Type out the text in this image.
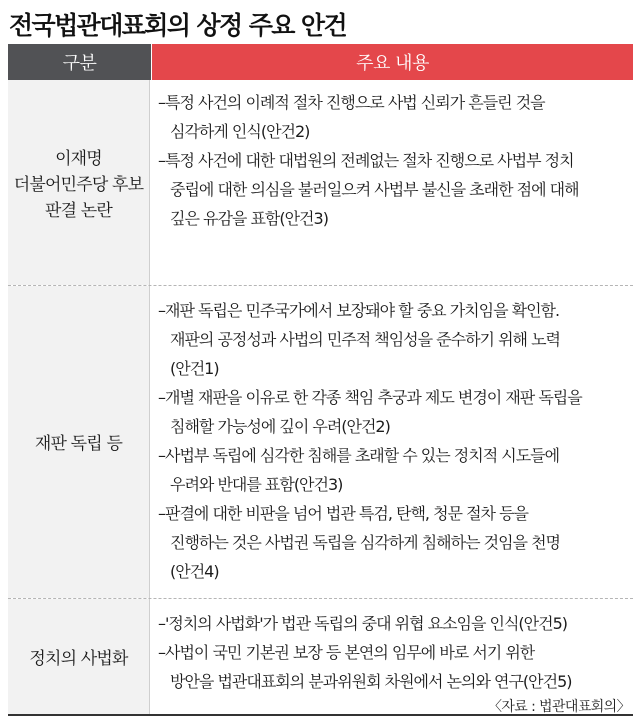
전국법관대표회의 상정 주요 안건
구분	주요 내용
이재명
더불어민주당 후보
판결 논란
–특정 사건의 이례적 절차 진행으로 사법 신뢰가 흔들린 것을
심각하게 인식(안건2)
–특정 사건에 대한 대법원의 전례없는 절차 진행으로 사법부 정치
중립에 대한 의심을 불러일으켜 사법부 불신을 초래한 점에 대해
깊은 유감을 표함(안건3)
재판 독립 등
–재판 독립은 민주국가에서 보장돼야 할 중요 가치임을 확인함.
재판의 공정성과 사법의 민주적 책임성을 준수하기 위해 노력
(안건1)
–개별 재판을 이유로 한 각종 책임 추궁과 제도 변경이 재판 독립을
침해할 가능성에 깊이 우려(안건2)
–사법부 독립에 심각한 침해를 초래할 수 있는 정치적 시도들에
우려와 반대를 표함(안건3)
–판결에 대한 비판을 넘어 법관 특검, 탄핵, 청문 절차 등을
진행하는 것은 사법권 독립을 심각하게 침해하는 것임을 천명
(안건4)
정치의 사법화
–'정치의 사법화'가 법관 독립의 중대 위협 요소임을 인식(안건5)
–사법이 국민 기본권 보장 등 본연의 임무에 바로 서기 위한
방안을 법관대표회의 분과위원회 차원에서 논의와 연구(안건5)
〈자료 : 법관대표회의〉
